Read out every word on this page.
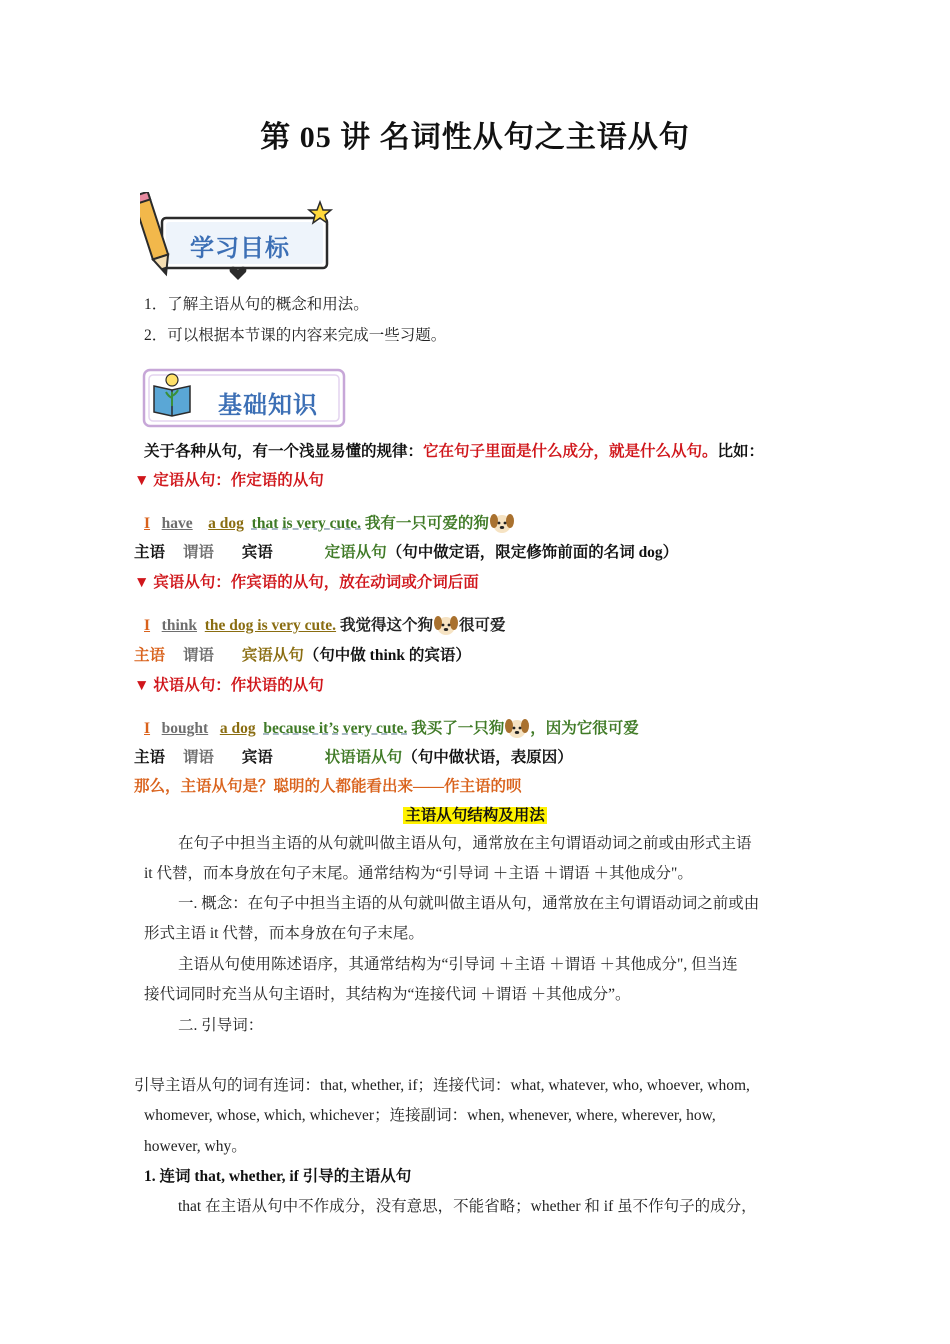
第 05 讲 名词性从句之主语从句
学习目标
1．了解主语从句的概念和用法。
2．可以根据本节课的内容来完成一些习题。
基础知识
关于各种从句，有一个浅显易懂的规律：它在句子里面是什么成分，就是什么从句。比如：
▼ 定语从句：作定语的从句
I have a dog that is very cute. 我有一只可爱的狗
主语 谓语 宾语	定语从句（句中做定语，限定修饰前面的名词 dog）
▼ 宾语从句：作宾语的从句，放在动词或介词后面
I think the dog is very cute. 我觉得这个狗 很可爱
主语 谓语 宾语从句（句中做 think 的宾语）
▼ 状语从句：作状语的从句
I bought a dog because it’s very cute. 我买了一只狗 ，因为它很可爱
主语 谓语 宾语	状语语从句（句中做状语，表原因）
那么，主语从句是？聪明的人都能看出来——作主语的呗
主语从句结构及用法
在句子中担当主语的从句就叫做主语从句，通常放在主句谓语动词之前或由形式主语
it 代替，而本身放在句子末尾。通常结构为“引导词 ＋主语 ＋谓语 ＋其他成分"。
一. 概念：在句子中担当主语的从句就叫做主语从句，通常放在主句谓语动词之前或由
形式主语 it 代替，而本身放在句子末尾。
主语从句使用陈述语序，其通常结构为“引导词 ＋主语 ＋谓语 ＋其他成分", 但当连
接代词同时充当从句主语时，其结构为“连接代词 ＋谓语 ＋其他成分”。
二. 引导词：
引导主语从句的词有连词：that, whether, if；连接代词：what, whatever, who, whoever, whom,
whomever, whose, which, whichever；连接副词：when, whenever, where, wherever, how,
however, why。
1. 连词 that, whether, if 引导的主语从句
that 在主语从句中不作成分，没有意思，不能省略；whether 和 if 虽不作句子的成分，
